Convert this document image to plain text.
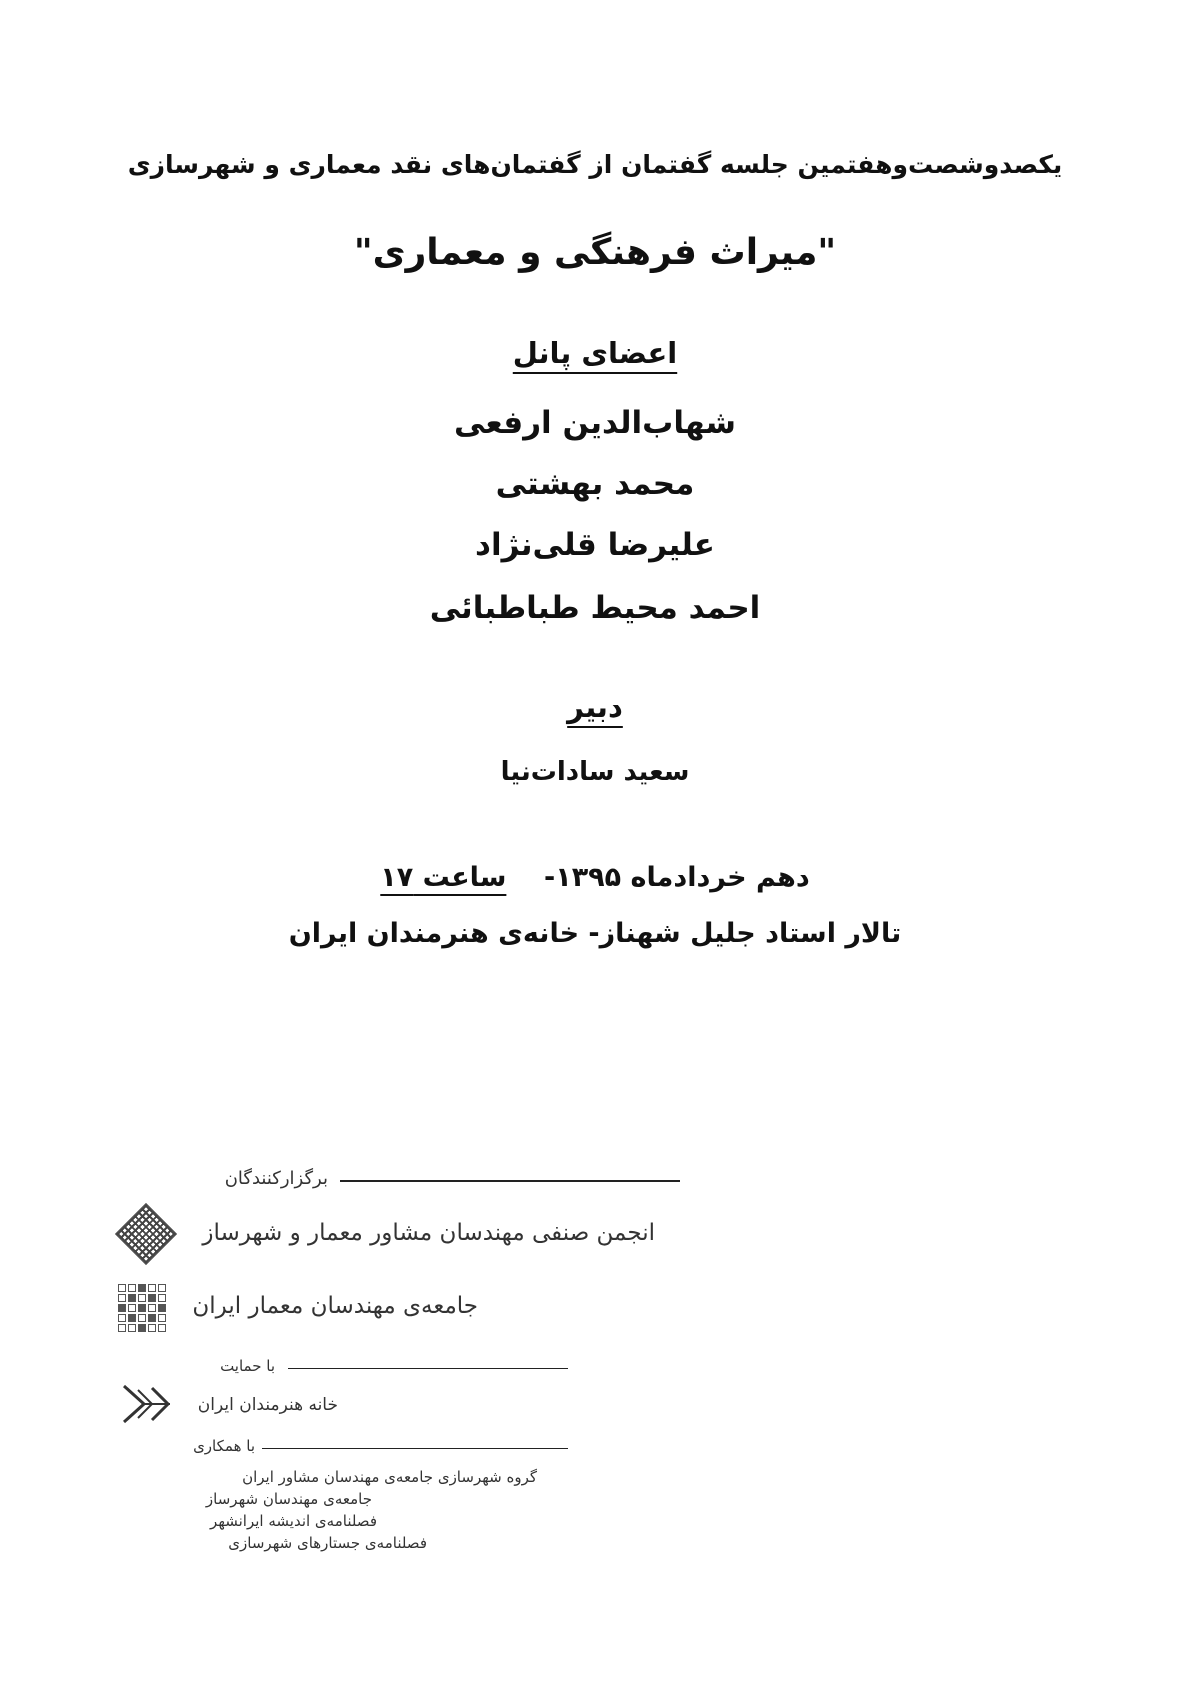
یکصدوشصت‌وهفتمین جلسه گفتمان از گفتمان‌های نقد معماری و شهرسازی
"میراث فرهنگی و معماری"
اعضای پانل
شهاب‌الدین ارفعی
محمد بهشتی
علیرضا قلی‌نژاد
احمد محیط طباطبائی
دبیر
سعید سادات‌نیا
دهم خردادماه ۱۳۹۵-    ساعت ۱۷
تالار استاد جلیل شهناز- خانه‌ی هنرمندان ایران
برگزارکنندگان
انجمن صنفی مهندسان مشاور معمار و شهرساز
جامعه‌ی مهندسان معمار ایران
با حمایت
خانه هنرمندان ایران
با همکاری
گروه شهرسازی جامعه‌ی مهندسان مشاور ایران
جامعه‌ی مهندسان شهرساز
فصلنامه‌ی اندیشه ایرانشهر
فصلنامه‌ی جستارهای شهرسازی
